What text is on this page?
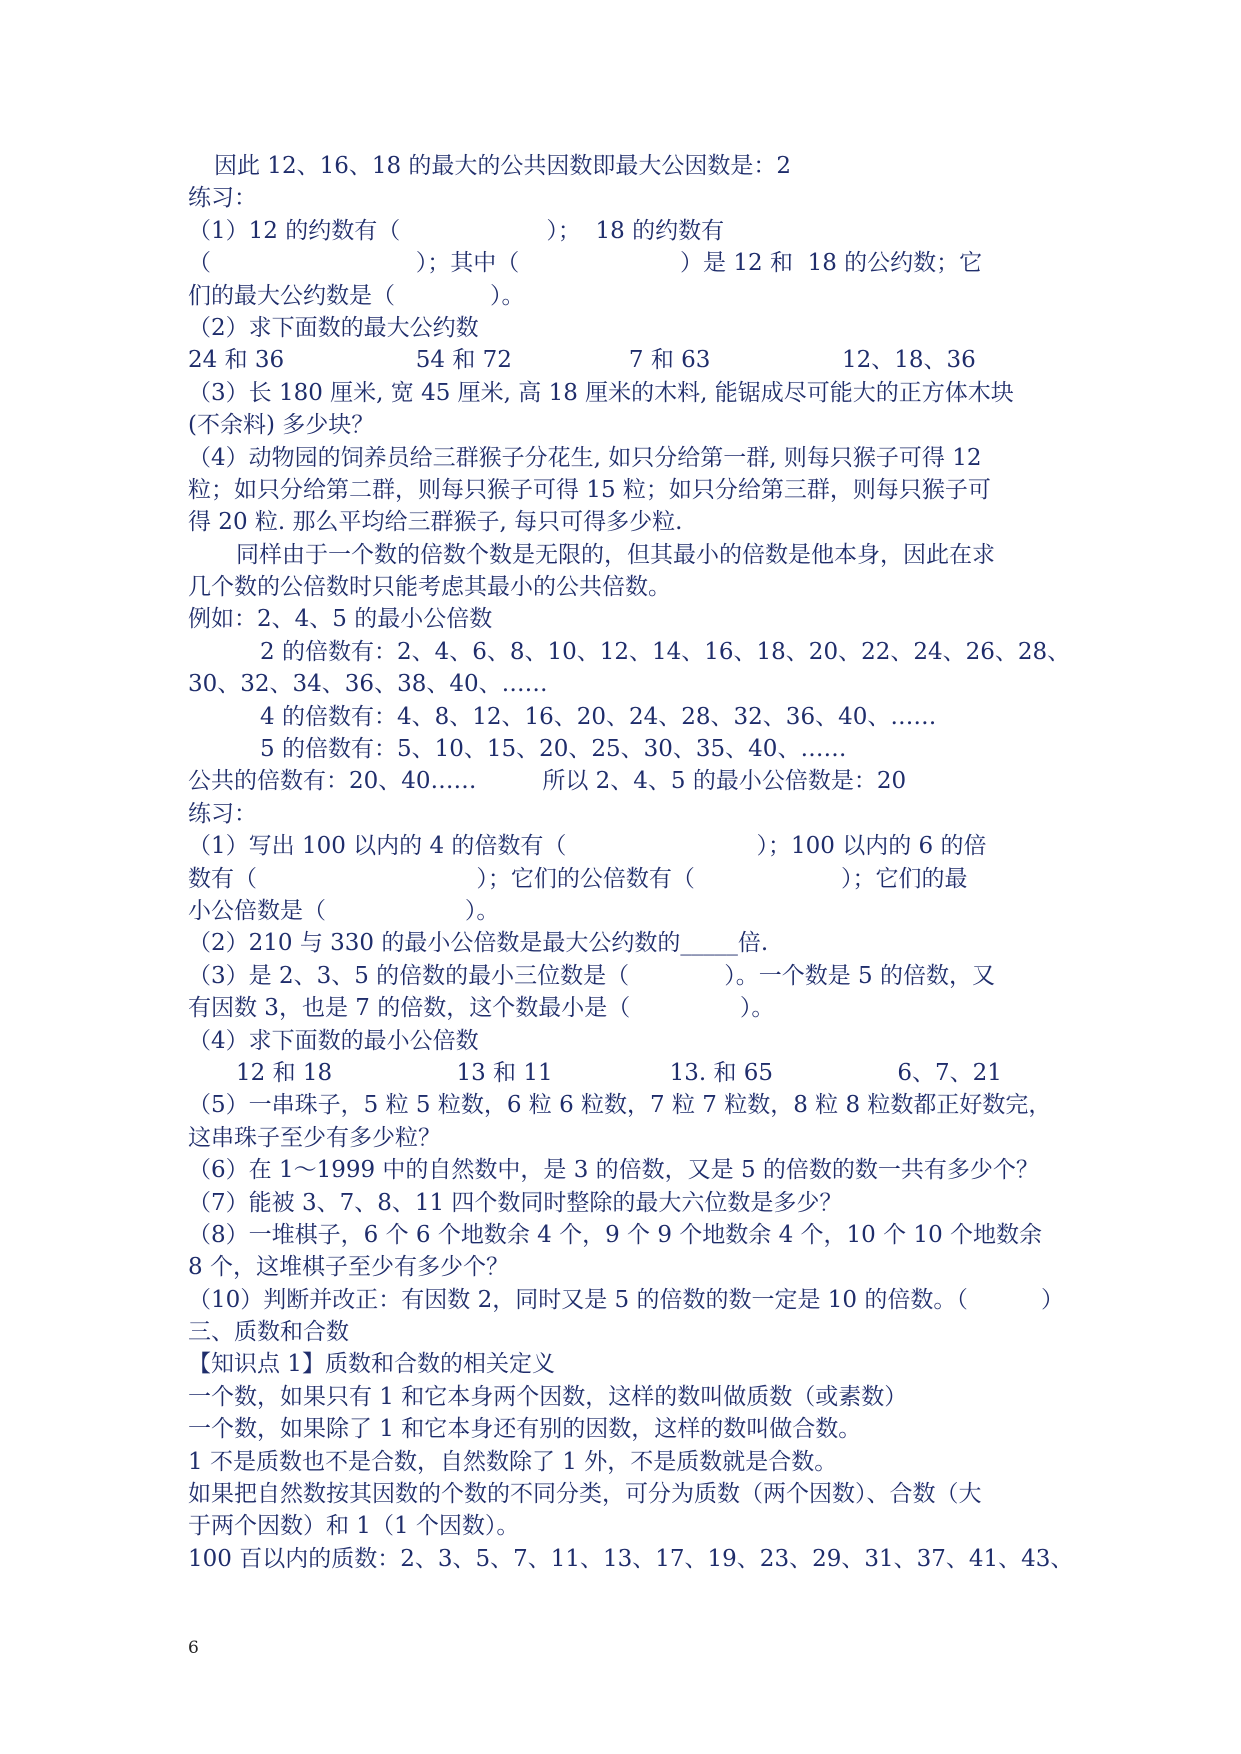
因此 12、16、18 的最大的公共因数即最大公因数是：2
练习：
（1）12 的约数有（                    ）；  18 的约数有
（                            ）；其中（                      ）是 12 和  18 的公约数；它
们的最大公约数是（             ）。
（2）求下面数的最大公约数
24 和 36                  54 和 72                7 和 63                  12、18、36
（3）长 180 厘米, 宽 45 厘米, 高 18 厘米的木料, 能锯成尽可能大的正方体木块
(不余料) 多少块？
（4）动物园的饲养员给三群猴子分花生, 如只分给第一群, 则每只猴子可得 12
粒；如只分给第二群，则每只猴子可得 15 粒；如只分给第三群，则每只猴子可
得 20 粒. 那么平均给三群猴子, 每只可得多少粒.
同样由于一个数的倍数个数是无限的，但其最小的倍数是他本身，因此在求
几个数的公倍数时只能考虑其最小的公共倍数。
例如：2、4、5 的最小公倍数
2 的倍数有：2、4、6、8、10、12、14、16、18、20、22、24、26、28、
30、32、34、36、38、40、……
4 的倍数有：4、8、12、16、20、24、28、32、36、40、……
5 的倍数有：5、10、15、20、25、30、35、40、……
公共的倍数有：20、40……         所以 2、4、5 的最小公倍数是：20
练习：
（1）写出 100 以内的 4 的倍数有（                          ）；100 以内的 6 的倍
数有（                              ）；它们的公倍数有（                    ）；它们的最
小公倍数是（                   ）。
（2）210 与 330 的最小公倍数是最大公约数的_____倍.
（3）是 2、3、5 的倍数的最小三位数是（             ）。一个数是 5 的倍数，又
有因数 3，也是 7 的倍数，这个数最小是（               ）。
（4）求下面数的最小公倍数
12 和 18                 13 和 11                13. 和 65                 6、7、21
（5）一串珠子，5 粒 5 粒数，6 粒 6 粒数，7 粒 7 粒数，8 粒 8 粒数都正好数完，
这串珠子至少有多少粒？
（6）在 1～1999 中的自然数中，是 3 的倍数，又是 5 的倍数的数一共有多少个？
（7）能被 3、7、8、11 四个数同时整除的最大六位数是多少？
（8）一堆棋子，6 个 6 个地数余 4 个，9 个 9 个地数余 4 个，10 个 10 个地数余
8 个，这堆棋子至少有多少个？
（10）判断并改正：有因数 2，同时又是 5 的倍数的数一定是 10 的倍数。（          ）
三、质数和合数
【知识点 1】质数和合数的相关定义
一个数，如果只有 1 和它本身两个因数，这样的数叫做质数（或素数）
一个数，如果除了 1 和它本身还有别的因数，这样的数叫做合数。
1 不是质数也不是合数，自然数除了 1 外，不是质数就是合数。
如果把自然数按其因数的个数的不同分类，可分为质数（两个因数）、合数（大
于两个因数）和 1（1 个因数）。
100 百以内的质数：2、3、5、7、11、13、17、19、23、29、31、37、41、43、
6
